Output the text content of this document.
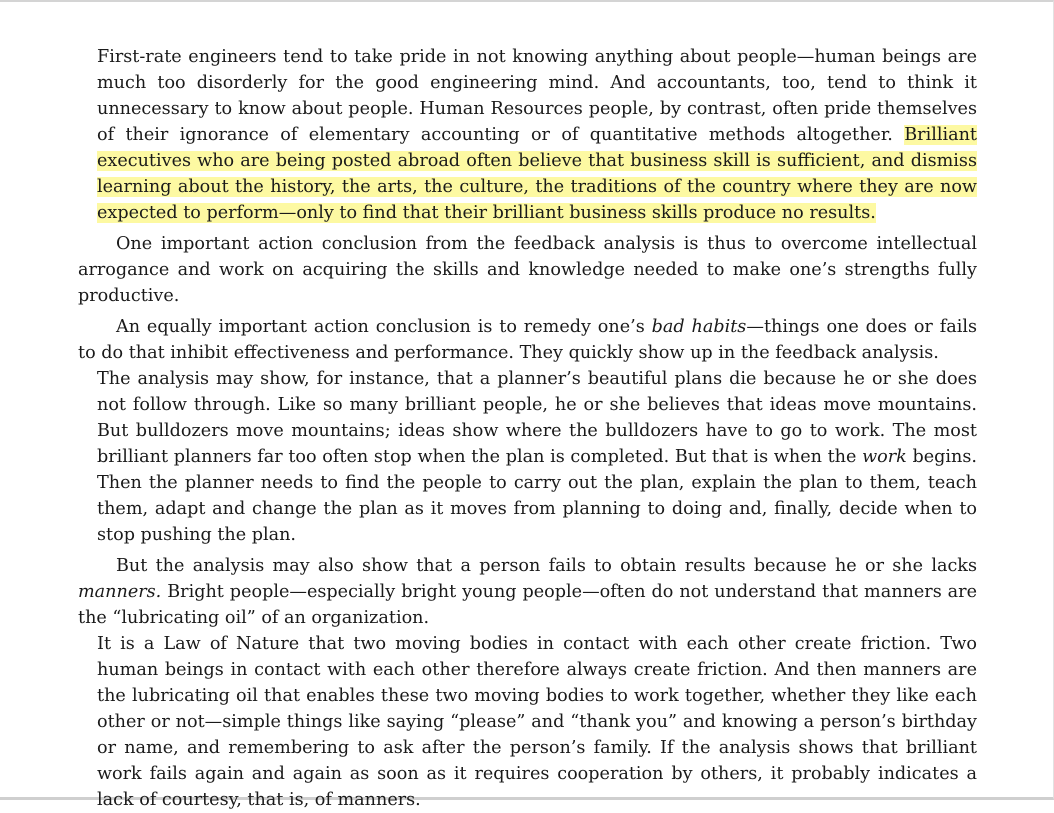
First-rate engineers tend to take pride in not knowing anything about people—human beings are much too disorderly for the good engineering mind. And accountants, too, tend to think it unnecessary to know about people. Human Resources people, by contrast, often pride themselves of their ignorance of elementary accounting or of quantitative methods altogether. Brilliant executives who are being posted abroad often believe that business skill is sufficient, and dismiss learning about the history, the arts, the culture, the traditions of the country where they are now expected to perform—only to find that their brilliant business skills produce no results.

One important action conclusion from the feedback analysis is thus to overcome intellectual arrogance and work on acquiring the skills and knowledge needed to make one’s strengths fully productive.

An equally important action conclusion is to remedy one’s bad habits—things one does or fails to do that inhibit effectiveness and performance. They quickly show up in the feedback analysis.

The analysis may show, for instance, that a planner’s beautiful plans die because he or she does not follow through. Like so many brilliant people, he or she believes that ideas move mountains. But bulldozers move mountains; ideas show where the bulldozers have to go to work. The most brilliant planners far too often stop when the plan is completed. But that is when the work begins. Then the planner needs to find the people to carry out the plan, explain the plan to them, teach them, adapt and change the plan as it moves from planning to doing and, finally, decide when to stop pushing the plan.

But the analysis may also show that a person fails to obtain results because he or she lacks manners. Bright people—especially bright young people—often do not understand that manners are the “lubricating oil” of an organization.

It is a Law of Nature that two moving bodies in contact with each other create friction. Two human beings in contact with each other therefore always create friction. And then manners are the lubricating oil that enables these two moving bodies to work together, whether they like each other or not—simple things like saying “please” and “thank you” and knowing a person’s birthday or name, and remembering to ask after the person’s family. If the analysis shows that brilliant work fails again and again as soon as it requires cooperation by others, it probably indicates a lack of courtesy, that is, of manners.
